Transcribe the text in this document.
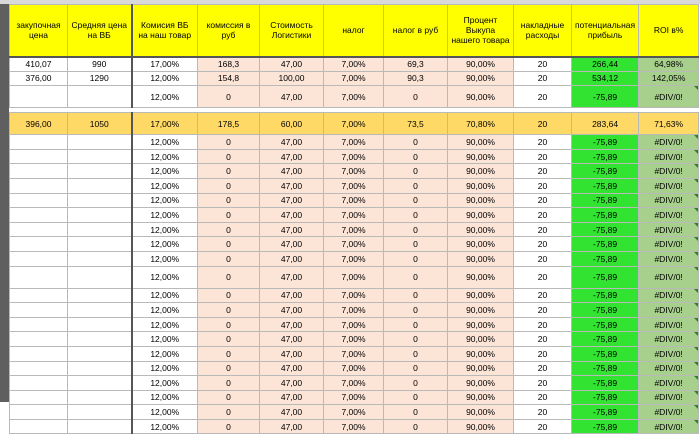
закупочная цена	Средняя цена на ВБ	Комисия ВБ на наш товар	комиссия в руб	Стоимость Логистики	налог	налог в руб	Процент Выкупа нашего товара	накладные расходы	потенциальная прибыль	ROI в%
410,07	990	17,00%	168,3	47,00	7,00%	69,3	90,00%	20	266,44	64,98%
376,00	1290	12,00%	154,8	100,00	7,00%	90,3	90,00%	20	534,12	142,05%
		12,00%	0	47,00	7,00%	0	90,00%	20	-75,89	#DIV/0!

396,00	1050	17,00%	178,5	60,00	7,00%	73,5	70,80%	20	283,64	71,63%
		12,00%	0	47,00	7,00%	0	90,00%	20	-75,89	#DIV/0!

		12,00%	0	47,00	7,00%	0	90,00%	20	-75,89	#DIV/0!

		12,00%	0	47,00	7,00%	0	90,00%	20	-75,89	#DIV/0!

		12,00%	0	47,00	7,00%	0	90,00%	20	-75,89	#DIV/0!

		12,00%	0	47,00	7,00%	0	90,00%	20	-75,89	#DIV/0!

		12,00%	0	47,00	7,00%	0	90,00%	20	-75,89	#DIV/0!

		12,00%	0	47,00	7,00%	0	90,00%	20	-75,89	#DIV/0!

		12,00%	0	47,00	7,00%	0	90,00%	20	-75,89	#DIV/0!

		12,00%	0	47,00	7,00%	0	90,00%	20	-75,89	#DIV/0!

		12,00%	0	47,00	7,00%	0	90,00%	20	-75,89	#DIV/0!

		12,00%	0	47,00	7,00%	0	90,00%	20	-75,89	#DIV/0!

		12,00%	0	47,00	7,00%	0	90,00%	20	-75,89	#DIV/0!

		12,00%	0	47,00	7,00%	0	90,00%	20	-75,89	#DIV/0!

		12,00%	0	47,00	7,00%	0	90,00%	20	-75,89	#DIV/0!

		12,00%	0	47,00	7,00%	0	90,00%	20	-75,89	#DIV/0!

		12,00%	0	47,00	7,00%	0	90,00%	20	-75,89	#DIV/0!

		12,00%	0	47,00	7,00%	0	90,00%	20	-75,89	#DIV/0!

		12,00%	0	47,00	7,00%	0	90,00%	20	-75,89	#DIV/0!

		12,00%	0	47,00	7,00%	0	90,00%	20	-75,89	#DIV/0!

		12,00%	0	47,00	7,00%	0	90,00%	20	-75,89	#DIV/0!
